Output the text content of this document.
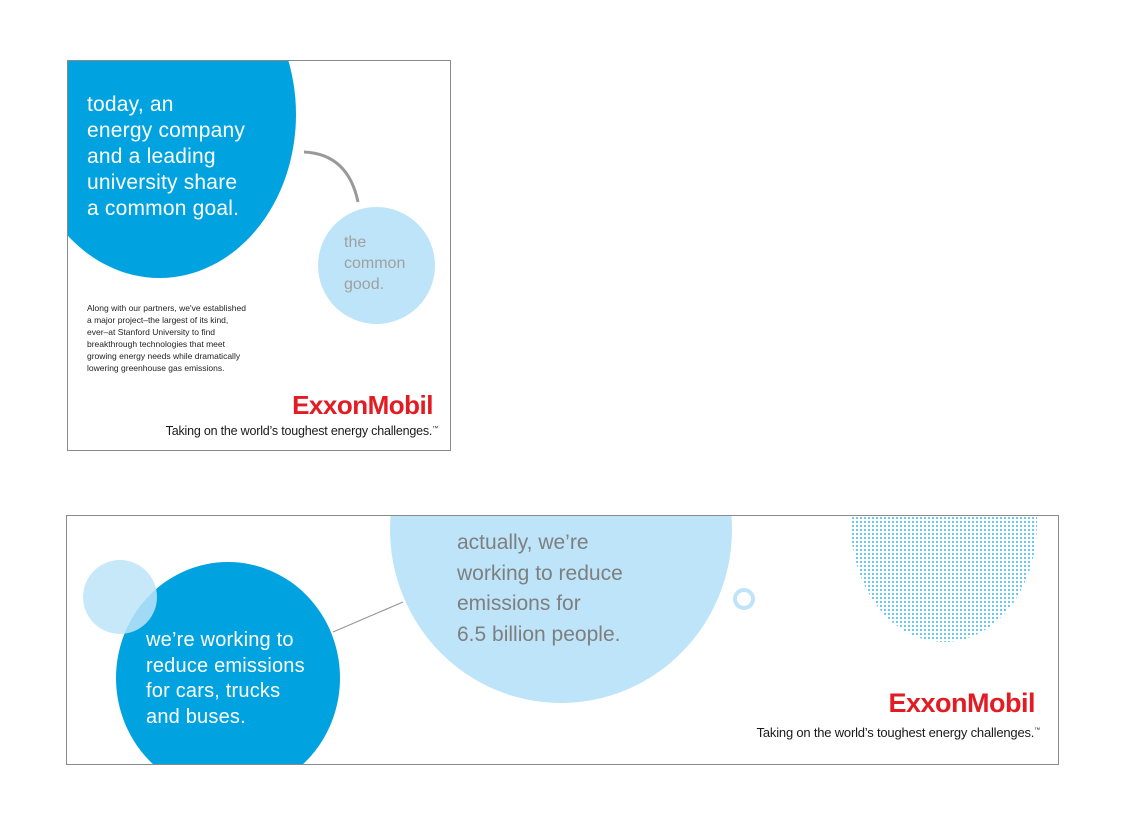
today, an
energy company
and a leading
university share
a common goal.
the
common
good.
Along with our partners, we've established
a major project–the largest of its kind,
ever–at Stanford University to find
breakthrough technologies that meet
growing energy needs while dramatically
lowering greenhouse gas emissions.
ExxonMobil
Taking on the world’s toughest energy challenges.™
we’re working to
reduce emissions
for cars, trucks
and buses.
actually, we’re
working to reduce
emissions for
6.5 billion people.
ExxonMobil
Taking on the world’s toughest energy challenges.™
